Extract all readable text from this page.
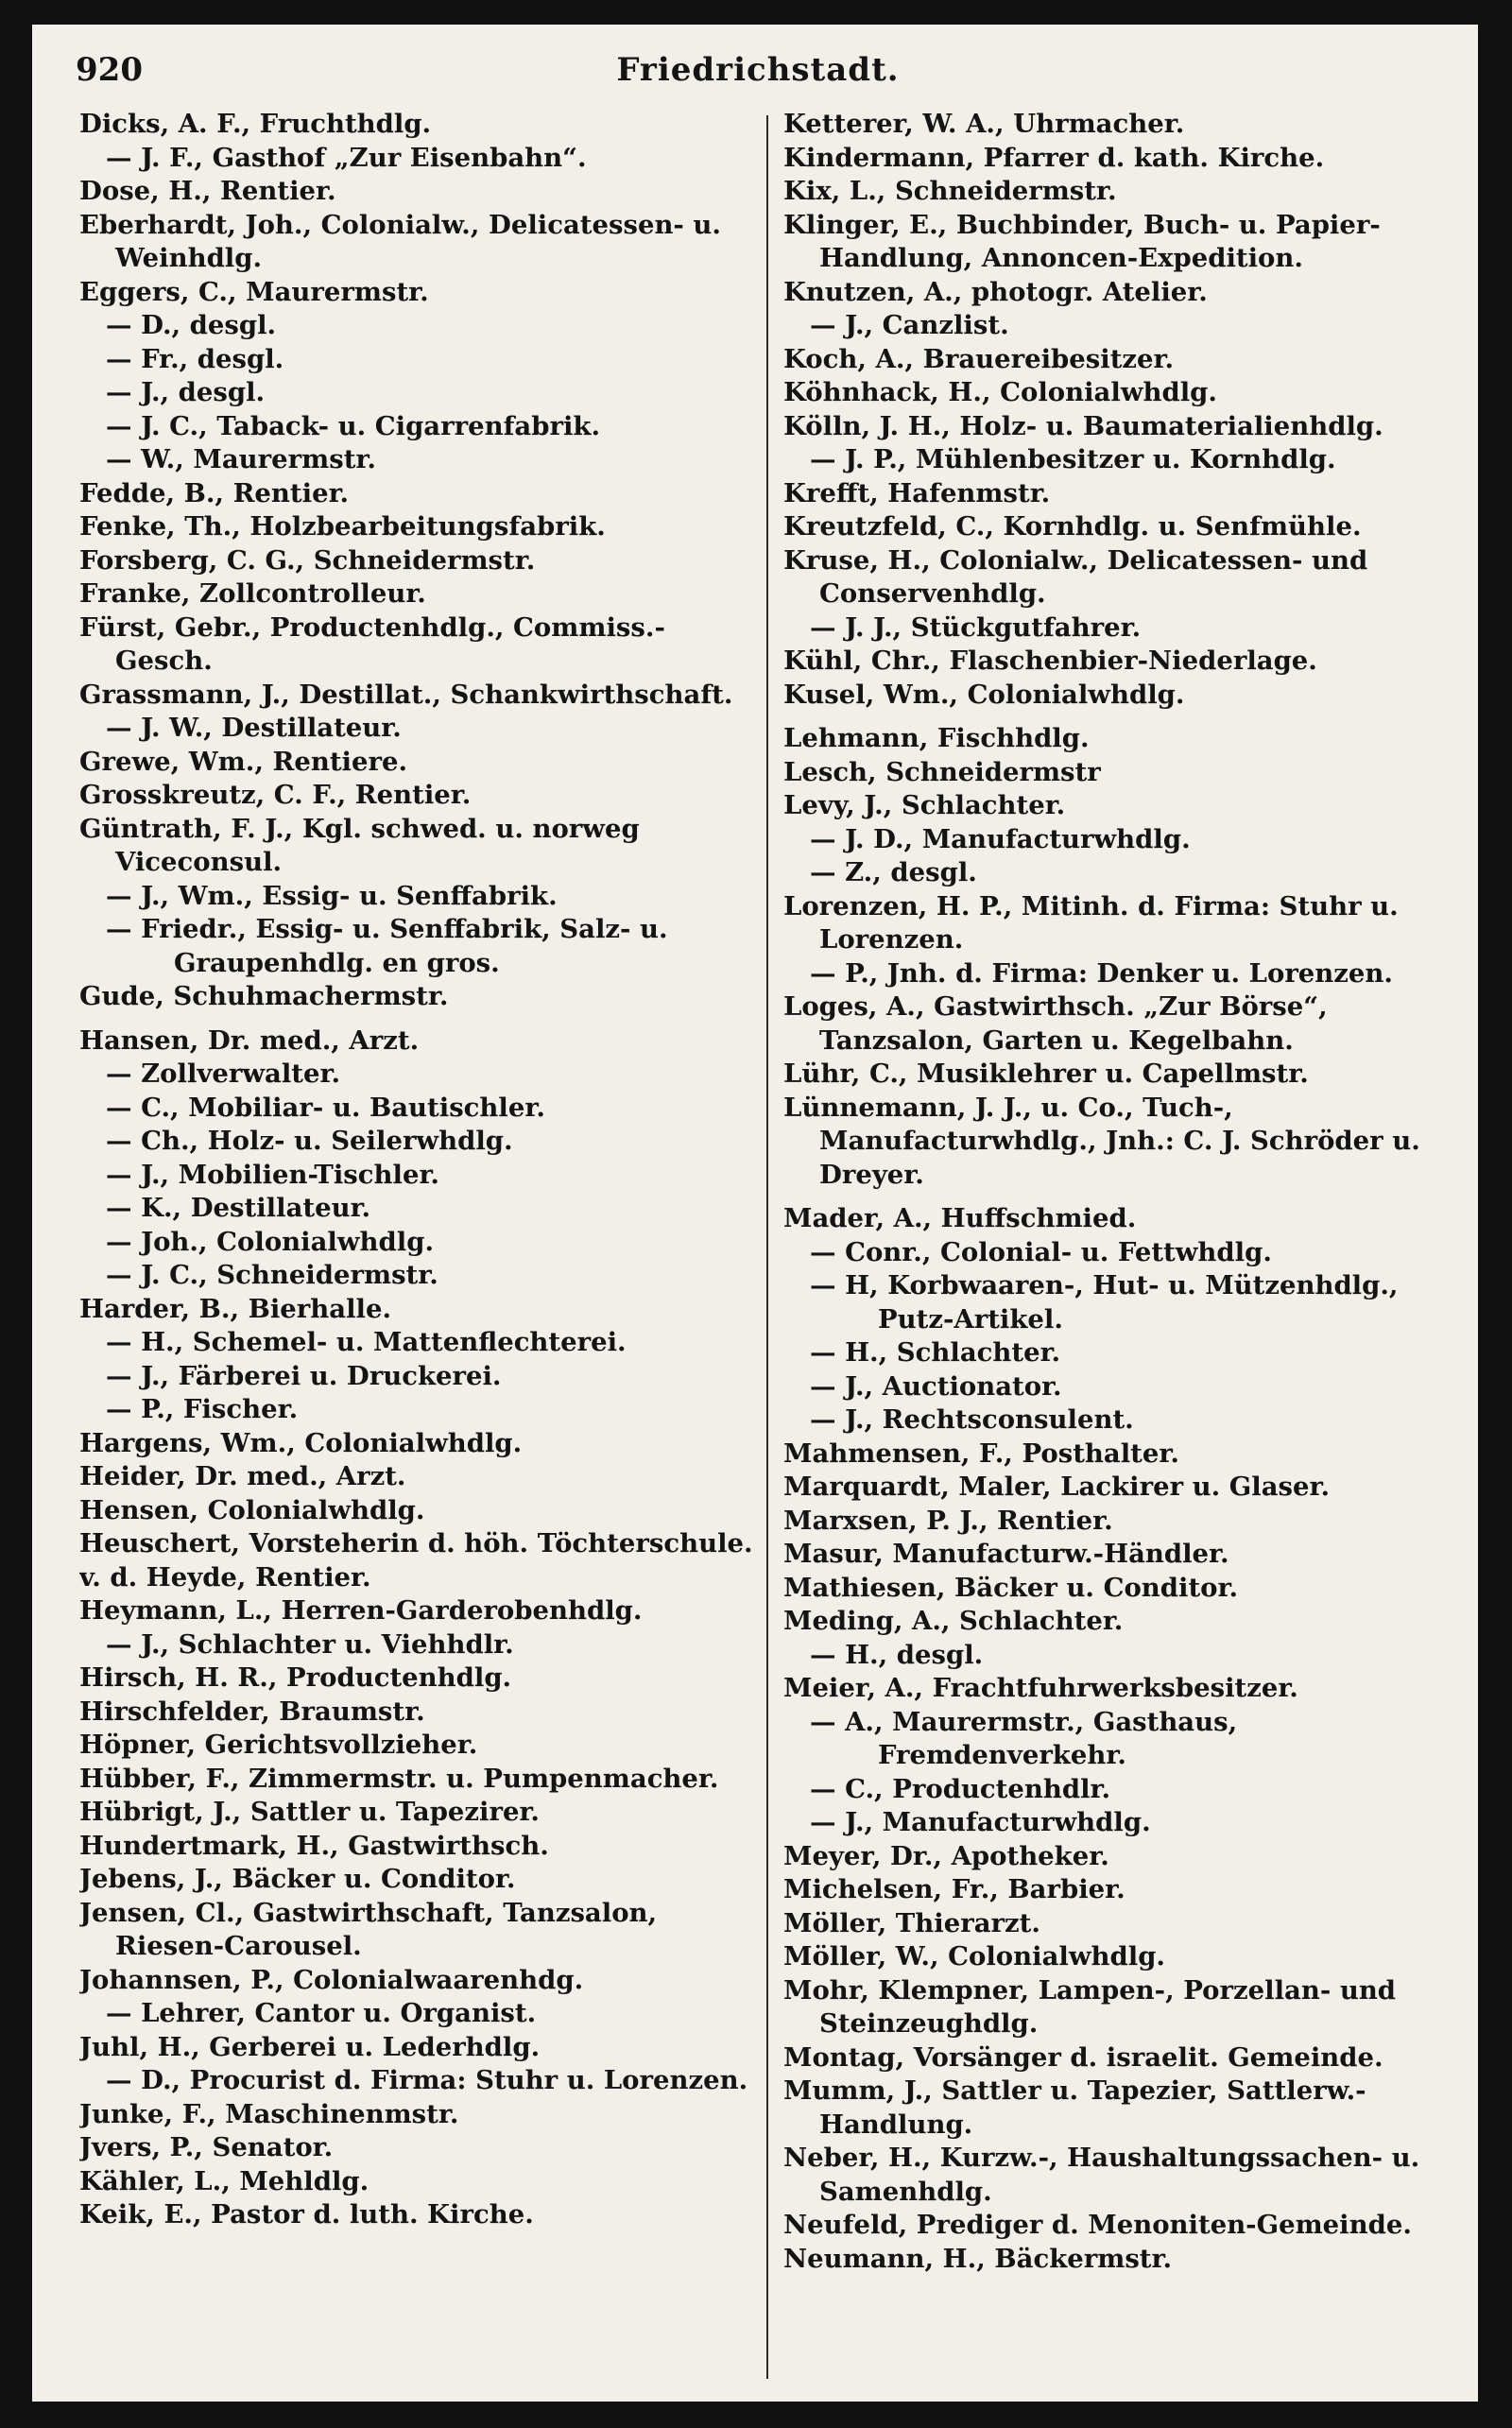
920	Friedrichstadt.

Dicks, A. F., Fruchthdlg.

— J. F., Gasthof „Zur Eisenbahn“.

Dose, H., Rentier.

Eberhardt, Joh., Colonialw., Delicatessen- u. Weinhdlg.

Eggers, C., Maurermstr.

— D., desgl.

— Fr., desgl.

— J., desgl.

— J. C., Taback- u. Cigarrenfabrik.

— W., Maurermstr.

Fedde, B., Rentier.

Fenke, Th., Holzbearbeitungsfabrik.

Forsberg, C. G., Schneidermstr.

Franke, Zollcontrolleur.

Fürst, Gebr., Productenhdlg., Commiss.-Gesch.

Grassmann, J., Destillat., Schankwirthschaft.

— J. W., Destillateur.

Grewe, Wm., Rentiere.

Grosskreutz, C. F., Rentier.

Güntrath, F. J., Kgl. schwed. u. norweg Viceconsul.

— J., Wm., Essig- u. Senffabrik.

— Friedr., Essig- u. Senffabrik, Salz- u. Graupenhdlg. en gros.

Gude, Schuhmachermstr.

Hansen, Dr. med., Arzt.

— Zollverwalter.

— C., Mobiliar- u. Bautischler.

— Ch., Holz- u. Seilerwhdlg.

— J., Mobilien-Tischler.

— K., Destillateur.

— Joh., Colonialwhdlg.

— J. C., Schneidermstr.

Harder, B., Bierhalle.

— H., Schemel- u. Mattenflechterei.

— J., Färberei u. Druckerei.

— P., Fischer.

Hargens, Wm., Colonialwhdlg.

Heider, Dr. med., Arzt.

Hensen, Colonialwhdlg.

Heuschert, Vorsteherin d. höh. Töchterschule.

v. d. Heyde, Rentier.

Heymann, L., Herren-Garderobenhdlg.

— J., Schlachter u. Viehhdlr.

Hirsch, H. R., Productenhdlg.

Hirschfelder, Braumstr.

Höpner, Gerichtsvollzieher.

Hübber, F., Zimmermstr. u. Pumpenmacher.

Hübrigt, J., Sattler u. Tapezirer.

Hundertmark, H., Gastwirthsch.

Jebens, J., Bäcker u. Conditor.

Jensen, Cl., Gastwirthschaft, Tanzsalon, Riesen-Carousel.

Johannsen, P., Colonialwaarenhdg.

— Lehrer, Cantor u. Organist.

Juhl, H., Gerberei u. Lederhdlg.

— D., Procurist d. Firma: Stuhr u. Lorenzen.

Junke, F., Maschinenmstr.

Jvers, P., Senator.

Kähler, L., Mehldlg.

Keik, E., Pastor d. luth. Kirche.

Ketterer, W. A., Uhrmacher.

Kindermann, Pfarrer d. kath. Kirche.

Kix, L., Schneidermstr.

Klinger, E., Buchbinder, Buch- u. Papier-Handlung, Annoncen-Expedition.

Knutzen, A., photogr. Atelier.

— J., Canzlist.

Koch, A., Brauereibesitzer.

Köhnhack, H., Colonialwhdlg.

Kölln, J. H., Holz- u. Baumaterialienhdlg.

— J. P., Mühlenbesitzer u. Kornhdlg.

Krefft, Hafenmstr.

Kreutzfeld, C., Kornhdlg. u. Senfmühle.

Kruse, H., Colonialw., Delicatessen- und Conservenhdlg.

— J. J., Stückgutfahrer.

Kühl, Chr., Flaschenbier-Niederlage.

Kusel, Wm., Colonialwhdlg.

Lehmann, Fischhdlg.

Lesch, Schneidermstr

Levy, J., Schlachter.

— J. D., Manufacturwhdlg.

— Z., desgl.

Lorenzen, H. P., Mitinh. d. Firma: Stuhr u. Lorenzen.

— P., Jnh. d. Firma: Denker u. Lorenzen.

Loges, A., Gastwirthsch. „Zur Börse“, Tanzsalon, Garten u. Kegelbahn.

Lühr, C., Musiklehrer u. Capellmstr.

Lünnemann, J. J., u. Co., Tuch-, Manufacturwhdlg., Jnh.: C. J. Schröder u. Dreyer.

Mader, A., Huffschmied.

— Conr., Colonial- u. Fettwhdlg.

— H, Korbwaaren-, Hut- u. Mützenhdlg., Putz-Artikel.

— H., Schlachter.

— J., Auctionator.

— J., Rechtsconsulent.

Mahmensen, F., Posthalter.

Marquardt, Maler, Lackirer u. Glaser.

Marxsen, P. J., Rentier.

Masur, Manufacturw.-Händler.

Mathiesen, Bäcker u. Conditor.

Meding, A., Schlachter.

— H., desgl.

Meier, A., Frachtfuhrwerksbesitzer.

— A., Maurermstr., Gasthaus, Fremdenverkehr.

— C., Productenhdlr.

— J., Manufacturwhdlg.

Meyer, Dr., Apotheker.

Michelsen, Fr., Barbier.

Möller, Thierarzt.

Möller, W., Colonialwhdlg.

Mohr, Klempner, Lampen-, Porzellan- und Steinzeughdlg.

Montag, Vorsänger d. israelit. Gemeinde.

Mumm, J., Sattler u. Tapezier, Sattlerw.-Handlung.

Neber, H., Kurzw.-, Haushaltungssachen- u. Samenhdlg.

Neufeld, Prediger d. Menoniten-Gemeinde.

Neumann, H., Bäckermstr.
